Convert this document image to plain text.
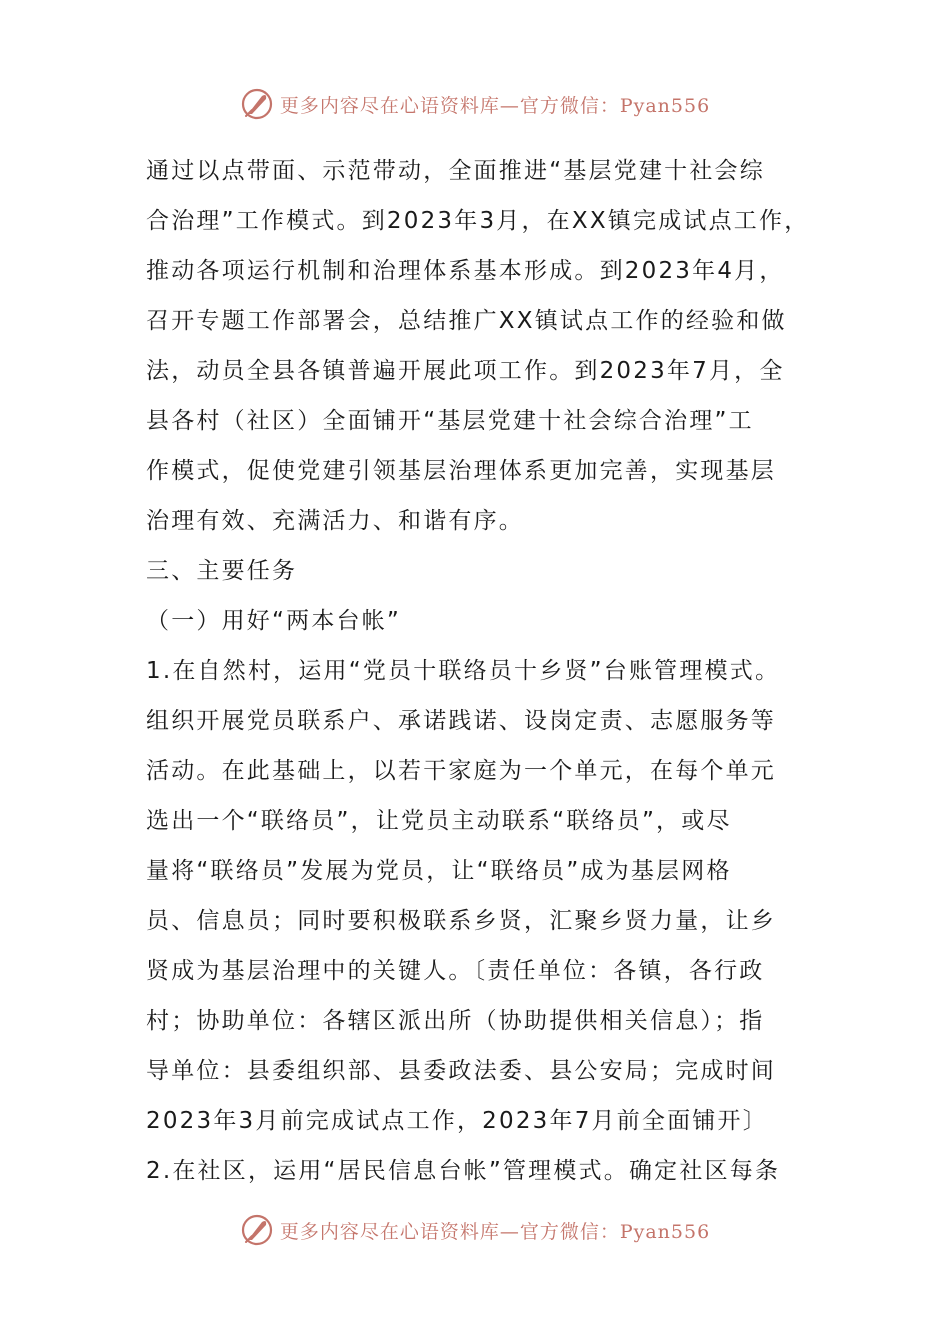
更多内容尽在心语资料库—官方微信：Pyan556
通过以点带面、示范带动，全面推进“基层党建十社会综
合治理”工作模式。到2023年3月，在XX镇完成试点工作，
推动各项运行机制和治理体系基本形成。到2023年4月，
召开专题工作部署会，总结推广XX镇试点工作的经验和做
法，动员全县各镇普遍开展此项工作。到2023年7月，全
县各村（社区）全面铺开“基层党建十社会综合治理”工
作模式，促使党建引领基层治理体系更加完善，实现基层
治理有效、充满活力、和谐有序。
三、主要任务
（一）用好“两本台帐”
1.在自然村，运用“党员十联络员十乡贤”台账管理模式。
组织开展党员联系户、承诺践诺、设岗定责、志愿服务等
活动。在此基础上，以若干家庭为一个单元，在每个单元
选出一个“联络员”，让党员主动联系“联络员”，或尽
量将“联络员”发展为党员，让“联络员”成为基层网格
员、信息员；同时要积极联系乡贤，汇聚乡贤力量，让乡
贤成为基层治理中的关键人。〔责任单位：各镇，各行政
村；协助单位：各辖区派出所（协助提供相关信息）；指
导单位：县委组织部、县委政法委、县公安局；完成时间
2023年3月前完成试点工作，2023年7月前全面铺开〕
2.在社区，运用“居民信息台帐”管理模式。确定社区每条
更多内容尽在心语资料库—官方微信：Pyan556
